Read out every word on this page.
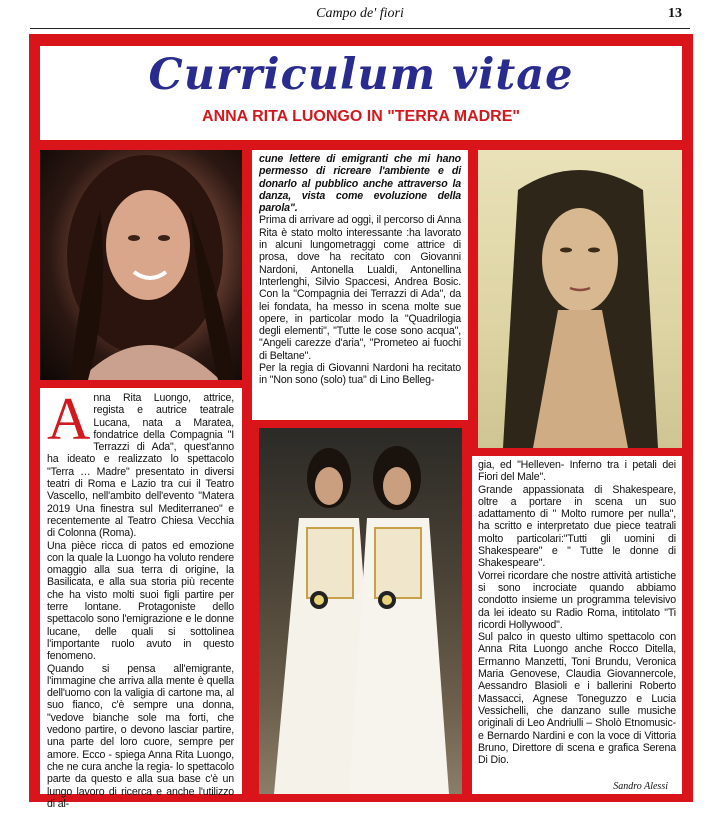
Campo de' fiori	13
Curriculum vitae
ANNA RITA LUONGO IN "TERRA MADRE"
A nna Rita Luongo, attrice, regista e autrice teatrale Lucana, nata a Maratea, fondatrice della Compagnia "I Terrazzi di Ada", quest'anno ha ideato e realizzato lo spettacolo "Terra … Madre" presentato in diversi teatri di Roma e Lazio tra cui il Teatro Vascello, nell'ambito dell'evento "Matera 2019 Una finestra sul Mediterraneo" e recentemente al Teatro Chiesa Vecchia di Colonna (Roma).

Una pièce ricca di patos ed emozione con la quale la Luongo ha voluto rendere omaggio alla sua terra di origine, la Basilicata, e alla sua storia più recente che ha visto molti suoi figli partire per terre lontane. Protagoniste dello spettacolo sono l'emigrazione e le donne lucane, delle quali si sottolinea l'importante ruolo avuto in questo fenomeno.

Quando si pensa all'emigrante, l'immagine che arriva alla mente è quella dell'uomo con la valigia di cartone ma, al suo fianco, c'è sempre una donna, "vedove bianche sole ma forti, che vedono partire, o devono lasciar partire, una parte del loro cuore, sempre per amore. Ecco - spiega Anna Rita Luongo, che ne cura anche la regia- lo spettacolo parte da questo e alla sua base c'è un lungo lavoro di ricerca e anche l'utilizzo di al-

cune lettere di emigranti che mi hano permesso di ricreare l'ambiente e di donarlo al pubblico anche attraverso la danza, vista come evoluzione della parola".

Prima di arrivare ad oggi, il percorso di Anna Rita è stato molto interessante :ha lavorato in alcuni lungometraggi come attrice di prosa, dove ha recitato con Giovanni Nardoni, Antonella Lualdi, Antonellina Interlenghi, Silvio Spaccesi, Andrea Bosic. Con la "Compagnia dei Terrazzi di Ada", da lei fondata, ha messo in scena molte sue opere, in particolar modo la "Quadrilogia degli elementi", "Tutte le cose sono acqua", "Angeli carezze d'aria", "Prometeo ai fuochi di Beltane".

Per la regia di Giovanni Nardoni ha recitato in "Non sono (solo) tua" di Lino Belleg-

gia, ed "Helleven- Inferno tra i petali dei Fiori del Male".

Grande appassionata di Shakespeare, oltre a portare in scena un suo adattamento di " Molto rumore per nulla", ha scritto e interpretato due piece teatrali molto particolari:"Tutti gli uomini di Shakespeare" e " Tutte le donne di Shakespeare".

Vorrei ricordare che nostre attività artistiche si sono incrociate quando abbiamo condotto insieme un programma televisivo da lei ideato su Radio Roma, intitolato "Ti ricordi Hollywood".

Sul palco in questo ultimo spettacolo con Anna Rita Luongo anche Rocco Ditella, Ermanno Manzetti, Toni Brundu, Veronica Maria Genovese, Claudia Giovannercole, Aessandro Blasioli e i ballerini Roberto Massacci, Agnese Toneguzzo e Lucia Vessichelli, che danzano sulle musiche originali di Leo Andriulli – Sholò Etnomusic- e Bernardo Nardini e con la voce di Vittoria Bruno, Direttore di scena e grafica Serena Di Dio.

Sandro Alessi
